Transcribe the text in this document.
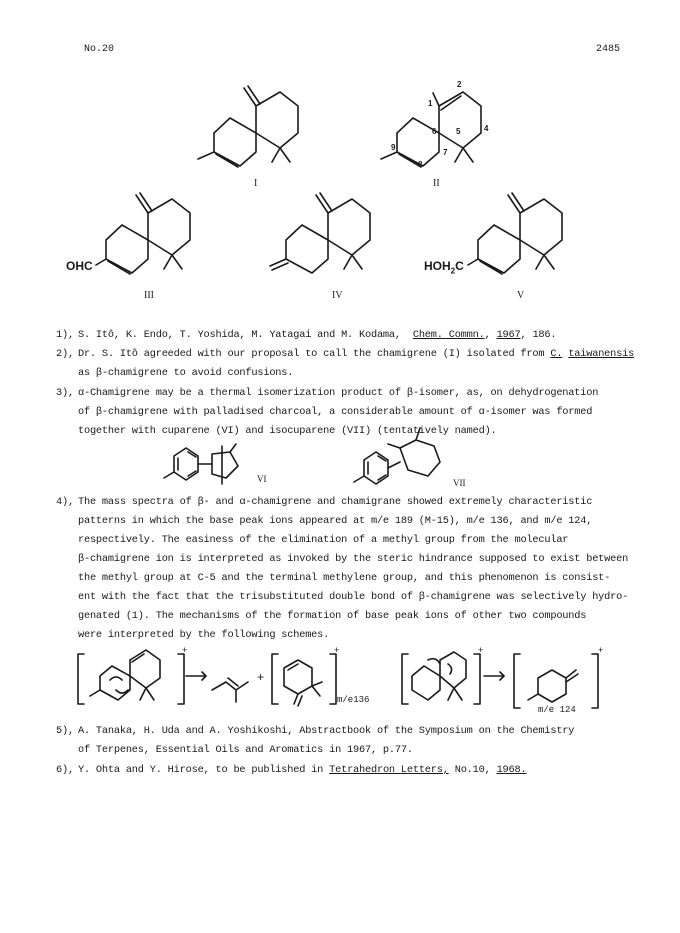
No.20	2485
I	II
III	IV	V
1
2
4
5
6
7
8
9
OHC	$HOH_2C$
VI	VII
1), S. Itô, K. Endo, T. Yoshida, M. Yatagai and M. Kodama, Chem. Commn., 1967, 186.
2), Dr. S. Itô agreeded with our proposal to call the chamigrene (I) isolated from C. taiwanensis
as β-chamigrene to avoid confusions.
3), α-Chamigrene may be a thermal isomerization product of β-isomer, as, on dehydrogenation
of β-chamigrene with palladised charcoal, a considerable amount of α-isomer was formed
together with cuparene (VI) and isocuparene (VII) (tentatively named).
4), The mass spectra of β- and α-chamigrene and chamigrane showed extremely characteristic
patterns in which the base peak ions appeared at m/e 189 (M-15), m/e 136, and m/e 124,
respectively. The easiness of the elimination of a methyl group from the molecular
β-chamigrene ion is interpreted as invoked by the steric hindrance supposed to exist between
the methyl group at C-5 and the terminal methylene group, and this phenomenon is consist-
ent with the fact that the trisubstituted double bond of β-chamigrene was selectively hydro-
genated (1). The mechanisms of the formation of base peak ions of other two compounds
were interpreted by the following schemes.
+
+
+
m/e136
+	+
m/e 124
5), A. Tanaka, H. Uda and A. Yoshikoshi, Abstractbook of the Symposium on the Chemistry
of Terpenes, Essential Oils and Aromatics in 1967, p.77.
6), Y. Ohta and Y. Hirose, to be published in Tetrahedron Letters, No.10, 1968.
